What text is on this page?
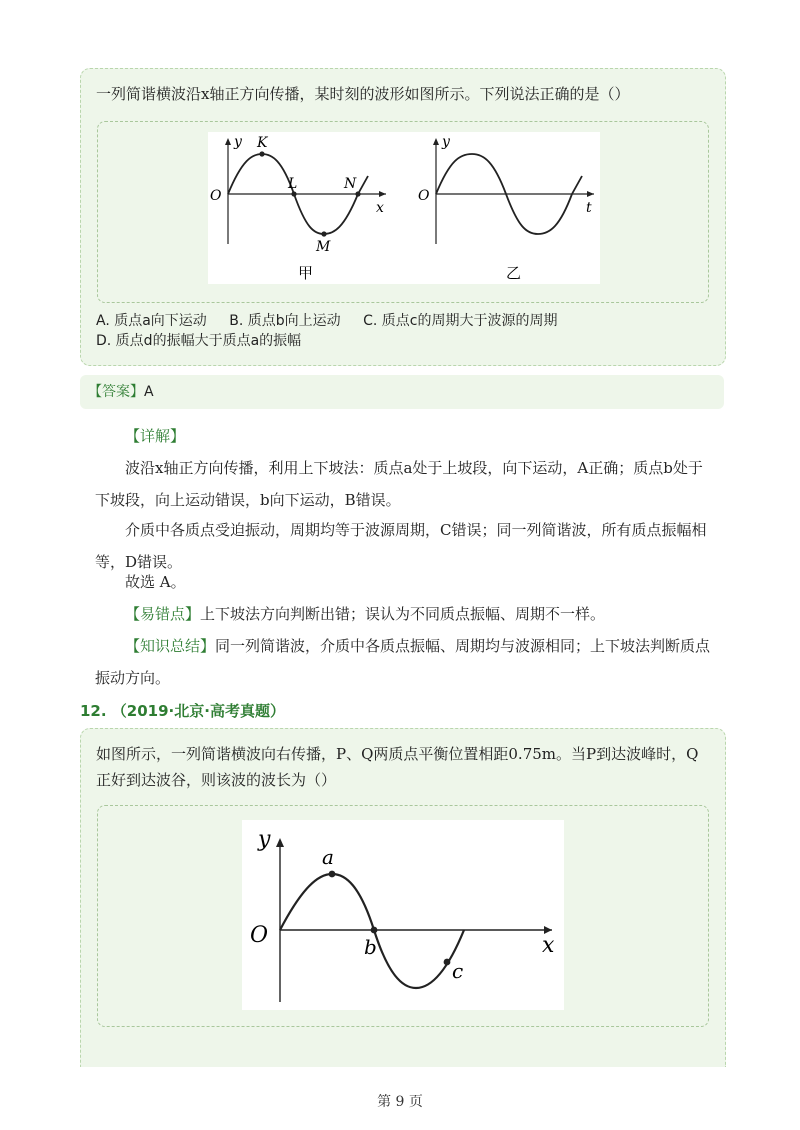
一列简谐横波沿x轴正方向传播，某时刻的波形如图所示。下列说法正确的是（）
y
x
O
K
L
M
N
甲
y
t
O
乙
A. 质点a向下运动 B. 质点b向上运动 C. 质点c的周期大于波源的周期
D. 质点d的振幅大于质点a的振幅
【答案】A
【详解】
波沿x轴正方向传播，利用上下坡法：质点a处于上坡段，向下运动，A正确；质点b处于下坡段，向上运动错误，b向下运动，B错误。
介质中各质点受迫振动，周期均等于波源周期，C错误；同一列简谐波，所有质点振幅相等，D错误。
故选 A。
【易错点】上下坡法方向判断出错；误认为不同质点振幅、周期不一样。
【知识总结】同一列简谐波，介质中各质点振幅、周期均与波源相同；上下坡法判断质点振动方向。
12. （2019·北京·高考真题）
如图所示，一列简谐横波向右传播，P、Q两质点平衡位置相距0.75m。当P到达波峰时，Q正好到达波谷，则该波的波长为（）
y
x
O
a
b
c
第 9 页
